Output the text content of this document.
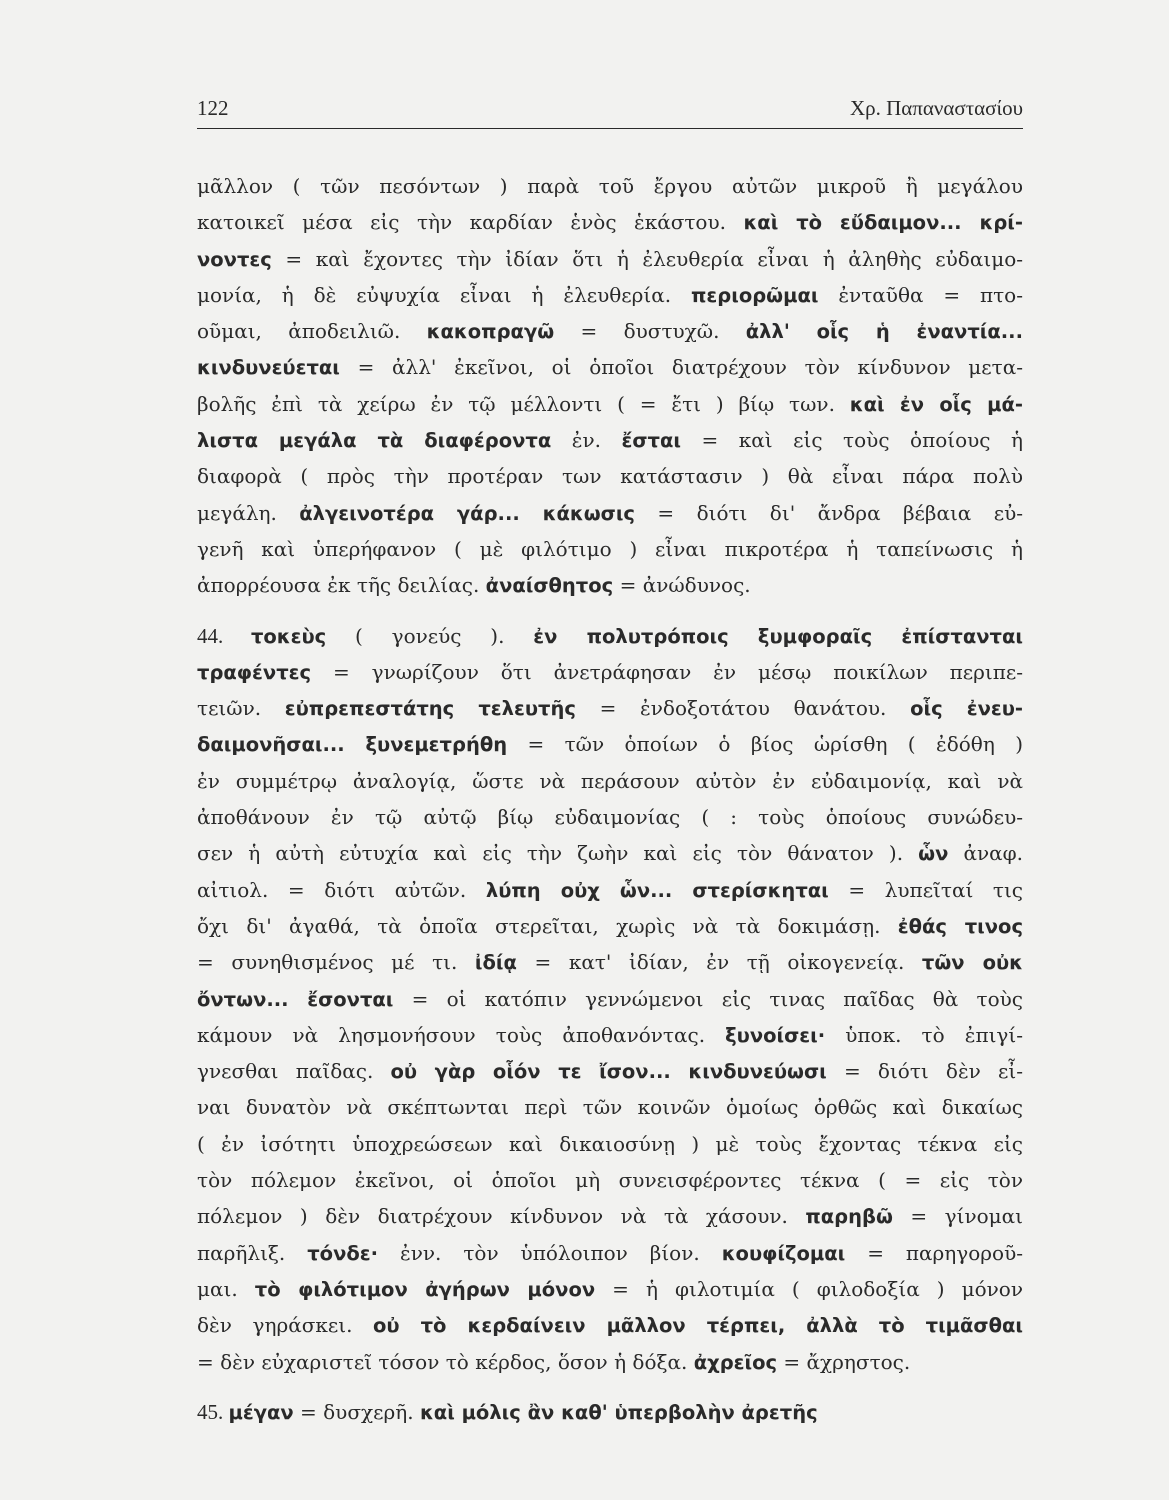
122	Χρ. Παπαναστασίου
μᾶλλον ( τῶν πεσόντων ) παρὰ τοῦ ἔργου αὐτῶν μικροῦ ἢ μεγάλου
κατοικεῖ μέσα εἰς τὴν καρδίαν ἑνὸς ἑκάστου. καὶ τὸ εὔδαιμον... κρί-
νοντες = καὶ ἔχοντες τὴν ἰδίαν ὅτι ἡ ἐλευθερία εἶναι ἡ ἀληθὴς εὐδαιμο-
μονία, ἡ δὲ εὐψυχία εἶναι ἡ ἐλευθερία. περιορῶμαι ἐνταῦθα = πτο-
οῦμαι, ἀποδειλιῶ. κακοπραγῶ = δυστυχῶ. ἀλλ' οἷς ἡ ἐναντία...
κινδυνεύεται = ἀλλ' ἐκεῖνοι, οἱ ὁποῖοι διατρέχουν τὸν κίνδυνον μετα-
βολῆς ἐπὶ τὰ χείρω ἐν τῷ μέλλοντι ( = ἔτι ) βίῳ των. καὶ ἐν οἷς μά-
λιστα μεγάλα τὰ διαφέροντα ἐν. ἔσται = καὶ εἰς τοὺς ὁποίους ἡ
διαφορὰ ( πρὸς τὴν προτέραν των κατάστασιν ) θὰ εἶναι πάρα πολὺ
μεγάλη. ἀλγεινοτέρα γάρ... κάκωσις = διότι δι' ἄνδρα βέβαια εὐ-
γενῆ καὶ ὑπερήφανον ( μὲ φιλότιμο ) εἶναι πικροτέρα ἡ ταπείνωσις ἡ
ἀπορρέουσα ἐκ τῆς δειλίας. ἀναίσθητος = ἀνώδυνος.
44. τοκεὺς ( γονεύς ). ἐν πολυτρόποις ξυμφοραῖς ἐπίστανται
τραφέντες = γνωρίζουν ὅτι ἀνετράφησαν ἐν μέσῳ ποικίλων περιπε-
τειῶν. εὐπρεπεστάτης τελευτῆς = ἐνδοξοτάτου θανάτου. οἷς ἐνευ-
δαιμονῆσαι... ξυνεμετρήθη = τῶν ὁποίων ὁ βίος ὡρίσθη ( ἐδόθη )
ἐν συμμέτρῳ ἀναλογίᾳ, ὥστε νὰ περάσουν αὐτὸν ἐν εὐδαιμονίᾳ, καὶ νὰ
ἀποθάνουν ἐν τῷ αὐτῷ βίῳ εὐδαιμονίας ( : τοὺς ὁποίους συνώδευ-
σεν ἡ αὐτὴ εὐτυχία καὶ εἰς τὴν ζωὴν καὶ εἰς τὸν θάνατον ). ὧν ἀναφ.
αἰτιολ. = διότι αὐτῶν. λύπη οὐχ ὧν... στερίσκηται = λυπεῖταί τις
ὄχι δι' ἀγαθά, τὰ ὁποῖα στερεῖται, χωρὶς νὰ τὰ δοκιμάσῃ. ἐθάς τινος
= συνηθισμένος μέ τι. ἰδίᾳ = κατ' ἰδίαν, ἐν τῇ οἰκογενείᾳ. τῶν οὐκ
ὄντων... ἔσονται = οἱ κατόπιν γεννώμενοι εἰς τινας παῖδας θὰ τοὺς
κάμουν νὰ λησμονήσουν τοὺς ἀποθανόντας. ξυνοίσει· ὑποκ. τὸ ἐπιγί-
γνεσθαι παῖδας. οὐ γὰρ οἷόν τε ἴσον... κινδυνεύωσι = διότι δὲν εἶ-
ναι δυνατὸν νὰ σκέπτωνται περὶ τῶν κοινῶν ὁμοίως ὀρθῶς καὶ δικαίως
( ἐν ἰσότητι ὑποχρεώσεων καὶ δικαιοσύνῃ ) μὲ τοὺς ἔχοντας τέκνα εἰς
τὸν πόλεμον ἐκεῖνοι, οἱ ὁποῖοι μὴ συνεισφέροντες τέκνα ( = εἰς τὸν
πόλεμον ) δὲν διατρέχουν κίνδυνον νὰ τὰ χάσουν. παρηβῶ = γίνομαι
παρῆλιξ. τόνδε· ἐνν. τὸν ὑπόλοιπον βίον. κουφίζομαι = παρηγοροῦ-
μαι. τὸ φιλότιμον ἀγήρων μόνον = ἡ φιλοτιμία ( φιλοδοξία ) μόνον
δὲν γηράσκει. οὐ τὸ κερδαίνειν μᾶλλον τέρπει, ἀλλὰ τὸ τιμᾶσθαι
= δὲν εὐχαριστεῖ τόσον τὸ κέρδος, ὅσον ἡ δόξα. ἀχρεῖος = ἄχρηστος.
45. μέγαν = δυσχερῆ. καὶ μόλις ἂν καθ' ὑπερβολὴν ἀρετῆς
